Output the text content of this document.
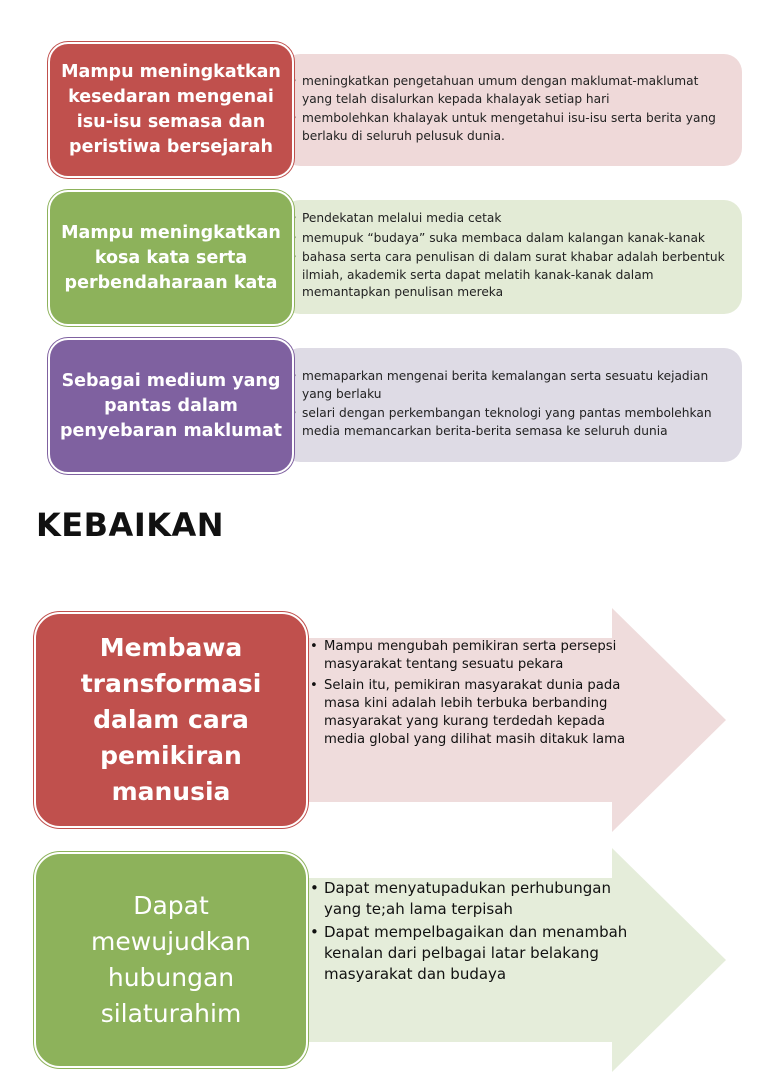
• meningkatkan pengetahuan umum dengan maklumat-maklumat yang telah disalurkan kepada khalayak setiap hari
• membolehkan khalayak untuk mengetahui isu-isu serta berita yang berlaku di seluruh pelusuk dunia.
Mampu meningkatkan kesedaran mengenai isu-isu semasa dan peristiwa bersejarah
• Pendekatan melalui media cetak
• memupuk “budaya” suka membaca dalam kalangan kanak-kanak
• bahasa serta cara penulisan di dalam surat khabar adalah berbentuk ilmiah, akademik serta dapat melatih kanak-kanak dalam memantapkan penulisan mereka
Mampu meningkatkan kosa kata serta perbendaharaan kata
• memaparkan mengenai berita kemalangan serta sesuatu kejadian yang berlaku
• selari dengan perkembangan teknologi yang pantas membolehkan media memancarkan berita-berita semasa ke seluruh dunia
Sebagai medium yang pantas dalam penyebaran maklumat
KEBAIKAN
• Mampu mengubah pemikiran serta persepsi masyarakat tentang sesuatu pekara
• Selain itu, pemikiran masyarakat dunia pada masa kini adalah lebih terbuka berbanding masyarakat yang kurang terdedah kepada media global yang dilihat masih ditakuk lama
Membawa transformasi dalam cara pemikiran manusia
• Dapat menyatupadukan perhubungan yang te;ah lama terpisah
• Dapat mempelbagaikan dan menambah kenalan dari pelbagai latar belakang masyarakat dan budaya
Dapat mewujudkan hubungan silaturahim
